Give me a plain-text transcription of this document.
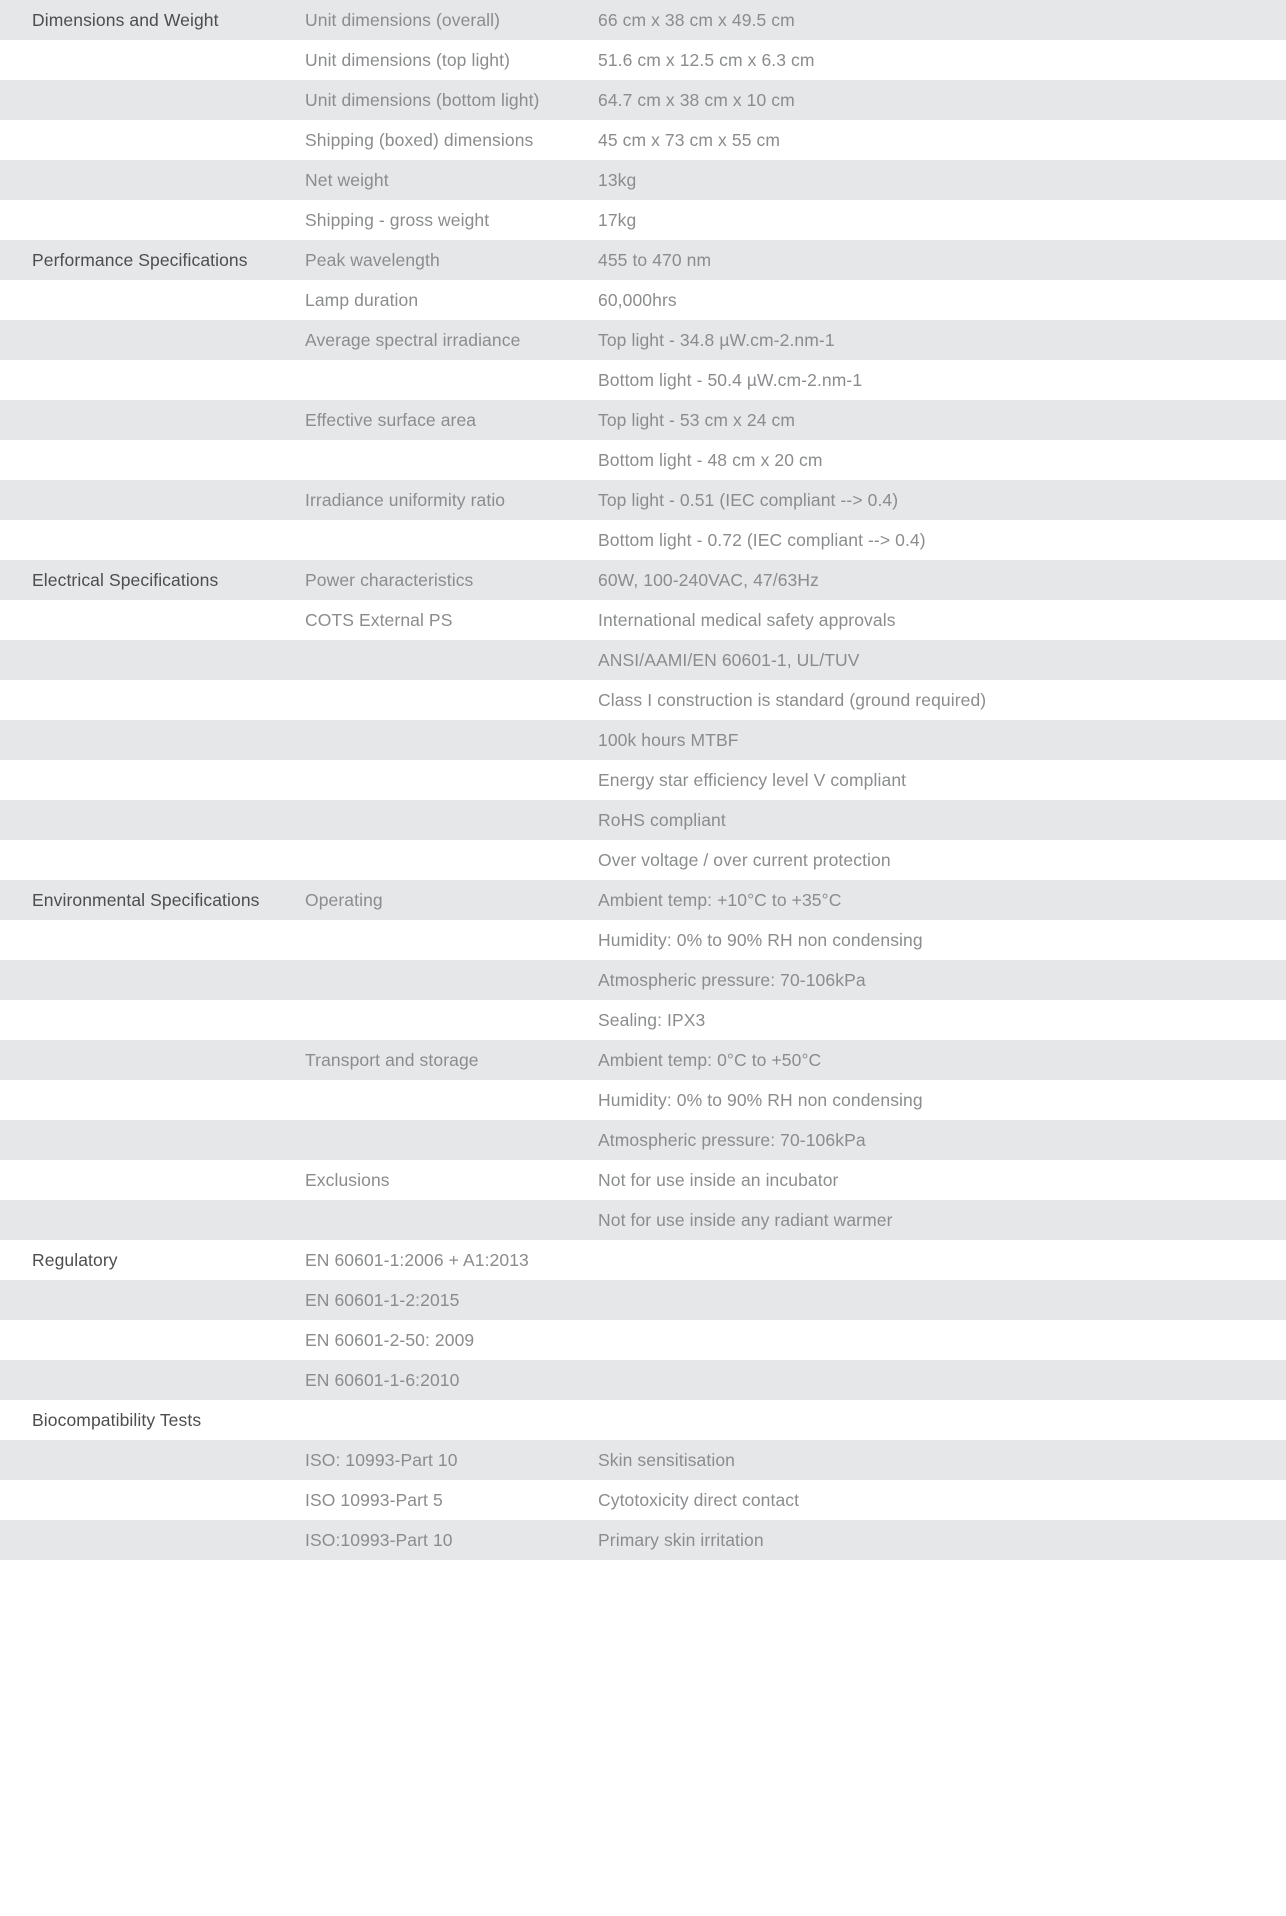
Dimensions and Weight	Unit dimensions (overall)	66 cm x 38 cm x 49.5 cm

	Unit dimensions (top light)	51.6 cm x 12.5 cm x 6.3 cm

	Unit dimensions (bottom light)	64.7 cm x 38 cm x 10 cm

	Shipping (boxed) dimensions	45 cm x 73 cm x 55 cm

	Net weight	13kg

	Shipping - gross weight	17kg

Performance Specifications	Peak wavelength	455 to 470 nm

	Lamp duration	60,000hrs

	Average spectral irradiance	Top light - 34.8 µW.cm-2.nm-1

		Bottom light - 50.4 µW.cm-2.nm-1

	Effective surface area	Top light - 53 cm x 24 cm

		Bottom light - 48 cm x 20 cm

	Irradiance uniformity ratio	Top light - 0.51 (IEC compliant --> 0.4)

		Bottom light - 0.72 (IEC compliant --> 0.4)

Electrical Specifications	Power characteristics	60W, 100-240VAC, 47/63Hz

	COTS External PS	International medical safety approvals

		ANSI/AAMI/EN 60601-1, UL/TUV

		Class I construction is standard (ground required)

		100k hours MTBF

		Energy star efficiency level V compliant

		RoHS compliant

		Over voltage / over current protection

Environmental Specifications	Operating	Ambient temp: +10°C to +35°C

		Humidity: 0% to 90% RH non condensing

		Atmospheric pressure: 70-106kPa

		Sealing: IPX3

	Transport and storage	Ambient temp: 0°C to +50°C

		Humidity: 0% to 90% RH non condensing

		Atmospheric pressure: 70-106kPa

	Exclusions	Not for use inside an incubator

		Not for use inside any radiant warmer

Regulatory	EN 60601-1:2006 + A1:2013	

	EN 60601-1-2:2015	

	EN 60601-2-50: 2009	

	EN 60601-1-6:2010	

Biocompatibility Tests		

	ISO: 10993-Part 10	Skin sensitisation

	ISO 10993-Part 5	Cytotoxicity direct contact

	ISO:10993-Part 10	Primary skin irritation
